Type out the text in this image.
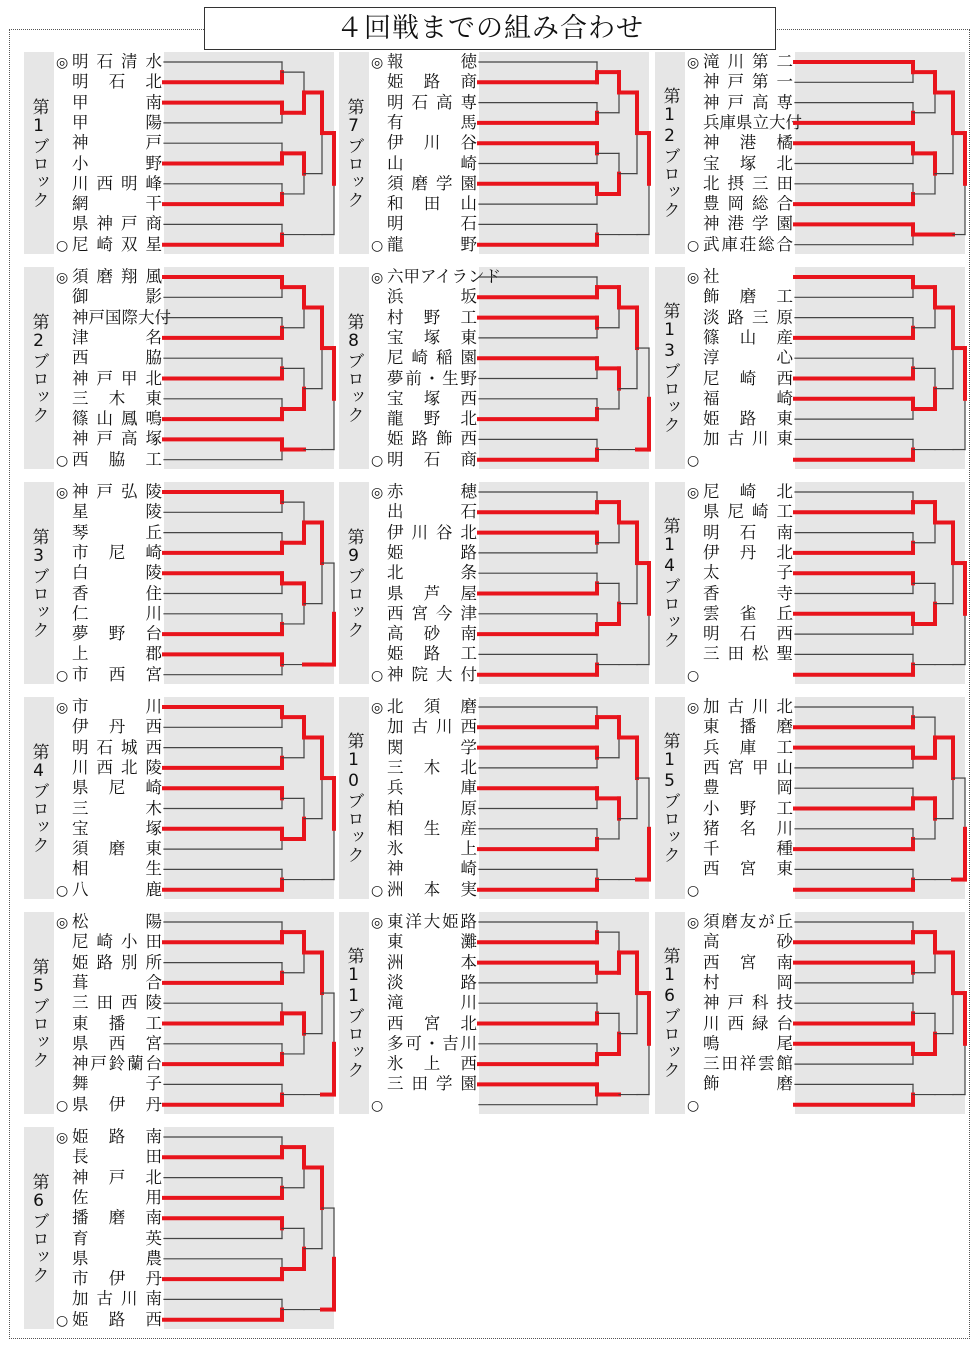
４回戦までの組み合わせ
第1ブロック
◎ 明石清水
明石北
甲南
甲陽
神戸
小野
川西明峰
網干
県神戸商
○ 尼崎双星
第2ブロック
◎ 須磨翔風
御影
神戸国際大付
津名
西脇
神戸甲北
三木東
篠山鳳鳴
神戸高塚
○ 西脇工
第3ブロック
◎ 神戸弘陵
星陵
琴丘
市尼崎
白陵
香住
仁川
夢野台
上郡
○ 市西宮
第4ブロック
◎ 市川
伊丹西
明石城西
川西北陵
県尼崎
三木
宝塚
須磨東
相生
○ 八鹿
第5ブロック
◎ 松陽
尼崎小田
姫路別所
葺合
三田西陵
東播工
県西宮
神戸鈴蘭台
舞子
○ 県伊丹
第6ブロック
◎ 姫路南
長田
神戸北
佐用
播磨南
育英
県農
市伊丹
加古川南
○ 姫路西
第7ブロック
◎ 報徳
姫路商
明石高専
有馬
伊川谷
山崎
須磨学園
和田山
明石
○ 龍野
第8ブロック
◎ 六甲アイランド
浜坂
村野工
宝塚東
尼崎稲園
夢前・生野
宝塚西
龍野北
姫路飾西
○ 明石商
第9ブロック
◎ 赤穂
出石
伊川谷北
姫路
北条
県芦屋
西宮今津
高砂南
姫路工
○ 神院大付
第10ブロック
◎ 北須磨
加古川西
関学
三木北
兵庫
柏原
相生産
氷上
神崎
○ 洲本実
第11ブロック
◎ 東洋大姫路
東灘
洲本
淡路
滝川
西宮北
多可・吉川
氷上西
三田学園
○
第12ブロック
◎ 滝川第二
神戸第一
神戸高専
兵庫県立大付
神港橘
宝塚北
北摂三田
豊岡総合
神港学園
○ 武庫荘総合
第13ブロック
◎ 社
飾磨工
淡路三原
篠山産
淳心
尼崎西
福崎
姫路東
加古川東
○
第14ブロック
◎ 尼崎北
県尼崎工
明石南
伊丹北
太子
香寺
雲雀丘
明石西
三田松聖
○
第15ブロック
◎ 加古川北
東播磨
兵庫工
西宮甲山
豊岡
小野工
猪名川
千種
西宮東
○
第16ブロック
◎ 須磨友が丘
高砂
西宮南
村岡
神戸科技
川西緑台
鳴尾
三田祥雲館
飾磨
○
